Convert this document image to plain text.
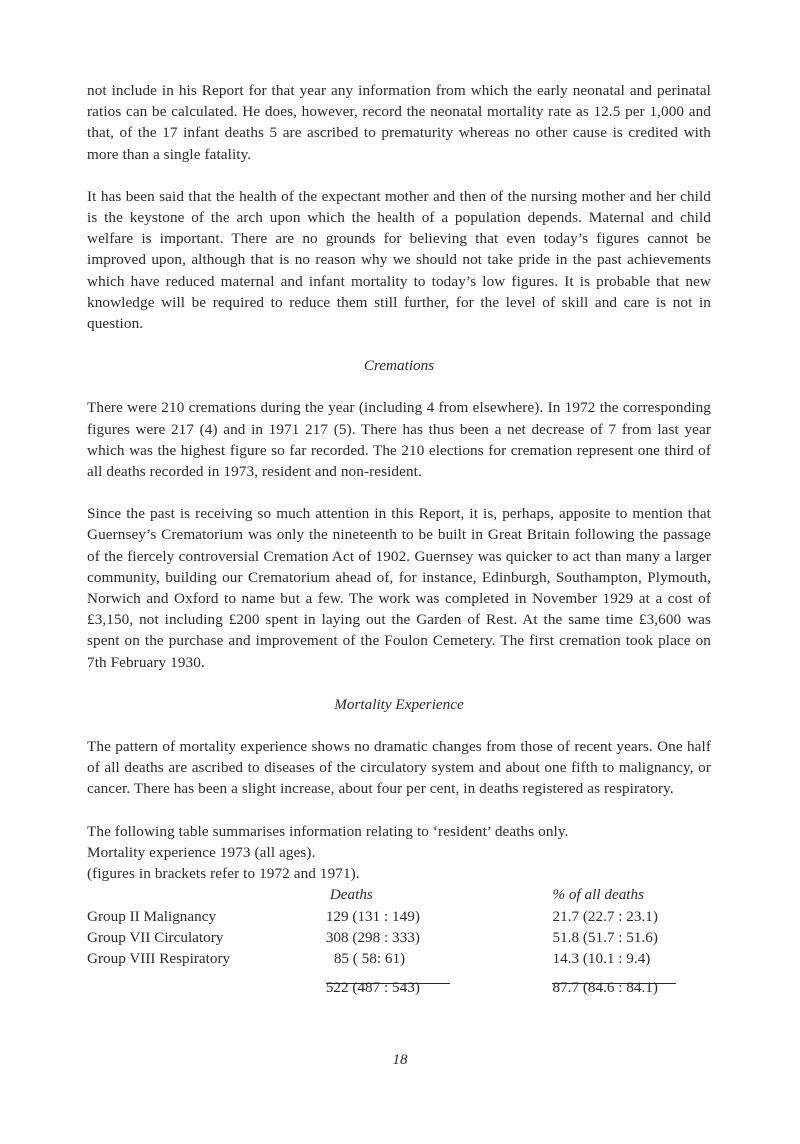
not include in his Report for that year any information from which the early neonatal and perinatal ratios can be calculated. He does, however, record the neonatal mortality rate as 12.5 per 1,000 and that, of the 17 infant deaths 5 are ascribed to prematurity whereas no other cause is credited with more than a single fatality.

It has been said that the health of the expectant mother and then of the nursing mother and her child is the keystone of the arch upon which the health of a population depends. Maternal and child welfare is important. There are no grounds for believing that even today’s figures cannot be improved upon, although that is no reason why we should not take pride in the past achievements which have reduced maternal and infant mortality to today’s low figures. It is probable that new knowledge will be required to reduce them still further, for the level of skill and care is not in question.

Cremations

There were 210 cremations during the year (including 4 from elsewhere). In 1972 the corresponding figures were 217 (4) and in 1971 217 (5). There has thus been a net decrease of 7 from last year which was the highest figure so far recorded. The 210 elections for cremation represent one third of all deaths recorded in 1973, resident and non-resident.

Since the past is receiving so much attention in this Report, it is, perhaps, apposite to mention that Guernsey’s Crematorium was only the nineteenth to be built in Great Britain following the passage of the fiercely controversial Cremation Act of 1902. Guernsey was quicker to act than many a larger community, building our Crematorium ahead of, for instance, Edinburgh, Southampton, Plymouth, Norwich and Oxford to name but a few. The work was completed in November 1929 at a cost of £3,150, not including £200 spent in laying out the Garden of Rest. At the same time £3,600 was spent on the purchase and improvement of the Foulon Cemetery. The first cremation took place on 7th February 1930.

Mortality Experience

The pattern of mortality experience shows no dramatic changes from those of recent years. One half of all deaths are ascribed to diseases of the circulatory system and about one fifth to malignancy, or cancer. There has been a slight increase, about four per cent, in deaths registered as respiratory.

The following table summarises information relating to ‘resident’ deaths only.

Mortality experience 1973 (all ages).

(figures in brackets refer to 1972 and 1971).

	Deaths	% of all deaths
Group II Malignancy	129 (131 : 149)	21.7 (22.7 : 23.1)
Group VII Circulatory	308 (298 : 333)	51.8 (51.7 : 51.6)
Group VIII Respiratory	85 ( 58: 61)	14.3 (10.1 : 9.4)

	522 (487 : 543)	87.7 (84.6 : 84.1)
18
